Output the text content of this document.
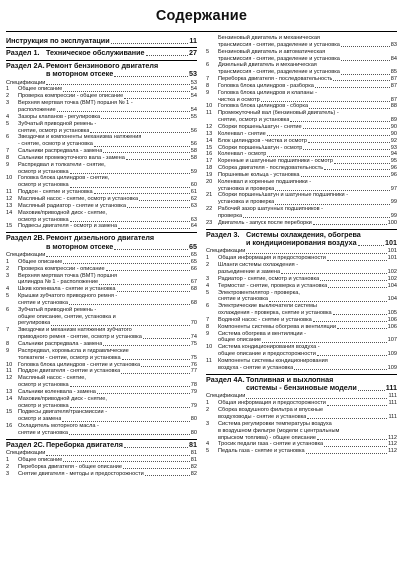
Содержание
Инструкция по эксплуатации	11
Раздел 1. Техническое обслуживание	27
Раздел 2А. Ремонт бензинового двигателя
в моторном отсеке	53
Спецификации	53
1	Общее описание	54
2	Проверка компрессии - общее описание	54
3	Верхняя мертвая точка (ВМТ) поршня № 1 -
расположение	54
4	Зазоры клапанов - регулировка	55
5	Зубчатый приводной ремень -
снятие, осмотр и установка	56
6	Звездочки и компоненты механизма натяжения
- снятие, осмотр и установка	56
7	Сальники распредвала - замена	58
8	Сальники промежуточного вала - замена	58
9	Распредвал и толкатели - снятие,
осмотр и установка	59
10	Головка блока цилиндров - снятие,
осмотр и установка	60
11	Поддон - снятие и установка	61
12	Масляный насос - снятие, осмотр и установка	62
13	Масляный радиатор - снятие и установка	63
14	Маховик/приводной диск - снятие,
осмотр и установка	63
15	Подвесы двигателя - осмотр и замена	64
Раздел 2В. Ремонт дизельного двигателя
в моторном отсеке	65
Спецификации	65
1	Общее описание	65
2	Проверка компрессии - описание	66
3	Верхняя мертвая точка (ВМТ) поршня
цилиндра № 1 - расположение	67
4	Шкив коленвала - снятие и установка	68
5	Крышки зубчатого приводного ремня -
снятие и установка	68
6	Зубчатый приводной ремень -
общее описание, снятие, установка и
регулировка	70
7	Звездочки и механизм натяжения зубчатого
приводного ремня - снятие, осмотр и установка	74
8	Сальники распредвала - замена	75
9	Распредвал, коромысла и гидравлические
толкатели - снятие, осмотр и установка	75
10	Головка блока цилиндров - снятие и установка	76
11	Поддон двигателя - снятие и установка	77
12	Масляный насос - снятие,
осмотр и установка	78
13	Сальники коленвала - замена	79
14	Маховик/приводной диск - снятие,
осмотр и установка	79
15	Подвесы двигателя/трансмиссии -
осмотр и замена	80
16	Охладитель моторного масла -
снятие и установка	80
Раздел 2С. Переборка двигателя	81
Спецификации	81
1	Общее описание	81
2	Переборка двигателя - общее описание	82
3	Снятие двигателя - методы и предосторожности	82
Бензиновый двигатель и механическая
трансмиссия - снятие, разделение и установка	83
5	Бензиновый двигатель и автоматическая
трансмиссия - снятие, разделение и установка	84
6	Дизельный двигатель и механическая
трансмиссия - снятие, разделение и установка	85
7	Переборка двигателя - последовательность	87
8	Головка блока цилиндров - разборка	87
9	Головка блока цилиндров и клапаны -
чистка и осмотр	87
10	Головка блока цилиндров - сборка	88
11	Промежуточный вал (бензиновый двигатель) -
снятие, осмотр и установка	89
12	Сборки поршень/шатун - снятие	90
13	Коленвал - снятие	90
14	Блок цилиндров - чистка и осмотр	92
15	Сборки поршень/шатун - осмотр	93
16	Коленвал - осмотр	94
17	Коренные и шатунные подшипники - осмотр	95
18	Сборка двигателя - последовательность	96
19	Поршневые кольца - установка	96
20	Коленвал и коренные подшипники -
установка и проверка	97
21	Сборки поршень/шатун и шатунные подшипники -
установка и проверка	99
22	Рабочий зазор шатунных подшипников -
проверка	99
23	Двигатель - запуск после переборки	100
Раздел 3. Системы охлаждения, обогрева
и кондиционирования воздуха	101
Спецификации	101
1	Общая информация и предосторожности	101
2	Шланги системы охлаждения -
разъединение и замена	102
3	Радиатор - снятие, осмотр и установка	102
4	Термостат - снятие, проверка и установка	104
5	Электровентилятор - проверка,
снятие и установка	104
6	Электрические выключатели системы
охлаждения - проверка, снятие и установка	105
7	Водяной насос - снятие и установка	106
8	Компоненты системы обогрева и вентиляции	106
9	Система обогрева и вентиляции -
общее описание	107
10	Система кондиционирования воздуха -
общее описание и предосторожности	109
11	Компоненты системы кондиционирования
воздуха - снятие и установка	109
Раздел 4А. Топливная и выхлопная
системы - бензиновые модели	111
Спецификации	111
1	Общая информация и предосторожности	111
2	Сборка воздушного фильтра и впускные
воздуховоды - снятие и установка	111
3	Система регулировки температуры воздуха
в воздушном фильтре (модели с центральным
впрыском топлива) - общее описание	112
4	Тросик педали газа - снятие и установка	112
5	Педаль газа - снятие и установка	112
